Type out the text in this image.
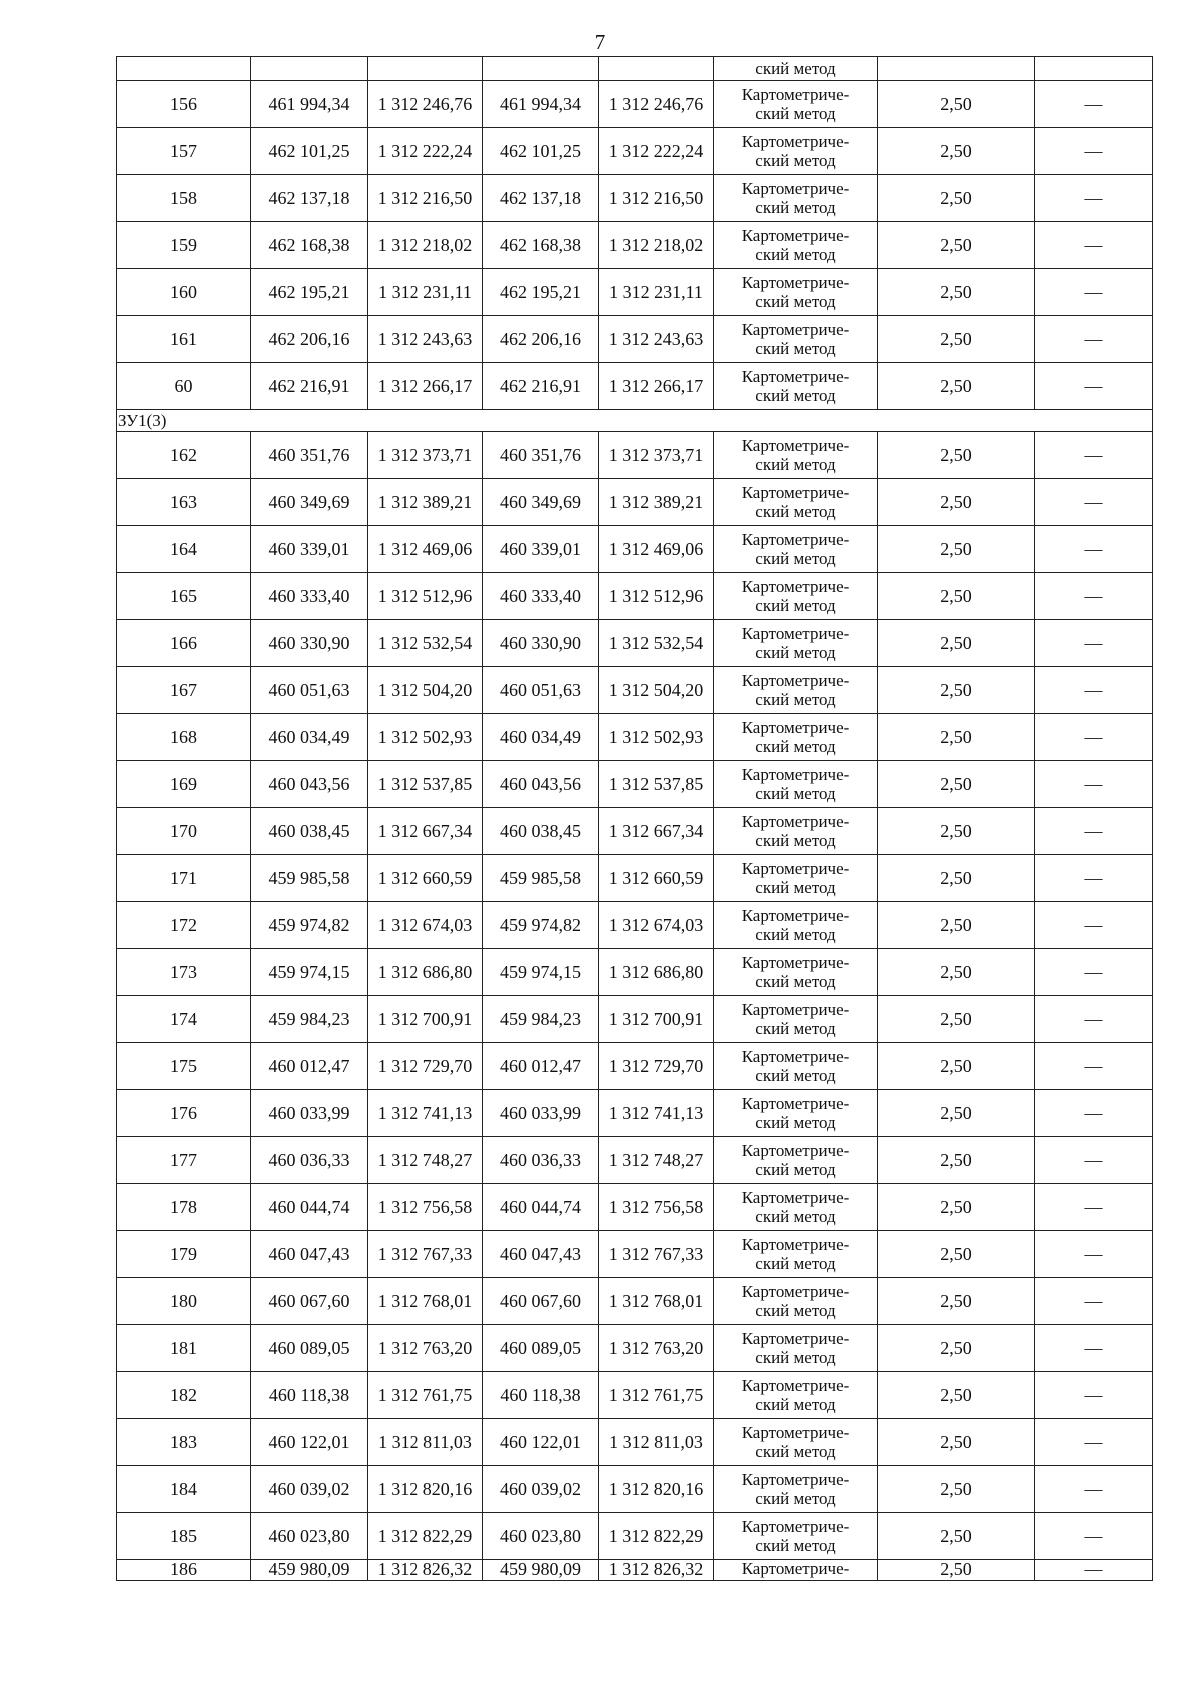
7
					ский метод		
156	461 994,34	1 312 246,76	461 994,34	1 312 246,76	Картометриче-
ский метод	2,50	—
157	462 101,25	1 312 222,24	462 101,25	1 312 222,24	Картометриче-
ский метод	2,50	—
158	462 137,18	1 312 216,50	462 137,18	1 312 216,50	Картометриче-
ский метод	2,50	—
159	462 168,38	1 312 218,02	462 168,38	1 312 218,02	Картометриче-
ский метод	2,50	—
160	462 195,21	1 312 231,11	462 195,21	1 312 231,11	Картометриче-
ский метод	2,50	—
161	462 206,16	1 312 243,63	462 206,16	1 312 243,63	Картометриче-
ский метод	2,50	—
60	462 216,91	1 312 266,17	462 216,91	1 312 266,17	Картометриче-
ский метод	2,50	—
ЗУ1(3)							
162	460 351,76	1 312 373,71	460 351,76	1 312 373,71	Картометриче-
ский метод	2,50	—
163	460 349,69	1 312 389,21	460 349,69	1 312 389,21	Картометриче-
ский метод	2,50	—
164	460 339,01	1 312 469,06	460 339,01	1 312 469,06	Картометриче-
ский метод	2,50	—
165	460 333,40	1 312 512,96	460 333,40	1 312 512,96	Картометриче-
ский метод	2,50	—
166	460 330,90	1 312 532,54	460 330,90	1 312 532,54	Картометриче-
ский метод	2,50	—
167	460 051,63	1 312 504,20	460 051,63	1 312 504,20	Картометриче-
ский метод	2,50	—
168	460 034,49	1 312 502,93	460 034,49	1 312 502,93	Картометриче-
ский метод	2,50	—
169	460 043,56	1 312 537,85	460 043,56	1 312 537,85	Картометриче-
ский метод	2,50	—
170	460 038,45	1 312 667,34	460 038,45	1 312 667,34	Картометриче-
ский метод	2,50	—
171	459 985,58	1 312 660,59	459 985,58	1 312 660,59	Картометриче-
ский метод	2,50	—
172	459 974,82	1 312 674,03	459 974,82	1 312 674,03	Картометриче-
ский метод	2,50	—
173	459 974,15	1 312 686,80	459 974,15	1 312 686,80	Картометриче-
ский метод	2,50	—
174	459 984,23	1 312 700,91	459 984,23	1 312 700,91	Картометриче-
ский метод	2,50	—
175	460 012,47	1 312 729,70	460 012,47	1 312 729,70	Картометриче-
ский метод	2,50	—
176	460 033,99	1 312 741,13	460 033,99	1 312 741,13	Картометриче-
ский метод	2,50	—
177	460 036,33	1 312 748,27	460 036,33	1 312 748,27	Картометриче-
ский метод	2,50	—
178	460 044,74	1 312 756,58	460 044,74	1 312 756,58	Картометриче-
ский метод	2,50	—
179	460 047,43	1 312 767,33	460 047,43	1 312 767,33	Картометриче-
ский метод	2,50	—
180	460 067,60	1 312 768,01	460 067,60	1 312 768,01	Картометриче-
ский метод	2,50	—
181	460 089,05	1 312 763,20	460 089,05	1 312 763,20	Картометриче-
ский метод	2,50	—
182	460 118,38	1 312 761,75	460 118,38	1 312 761,75	Картометриче-
ский метод	2,50	—
183	460 122,01	1 312 811,03	460 122,01	1 312 811,03	Картометриче-
ский метод	2,50	—
184	460 039,02	1 312 820,16	460 039,02	1 312 820,16	Картометриче-
ский метод	2,50	—
185	460 023,80	1 312 822,29	460 023,80	1 312 822,29	Картометриче-
ский метод	2,50	—
186	459 980,09	1 312 826,32	459 980,09	1 312 826,32	Картометриче-	2,50	—
